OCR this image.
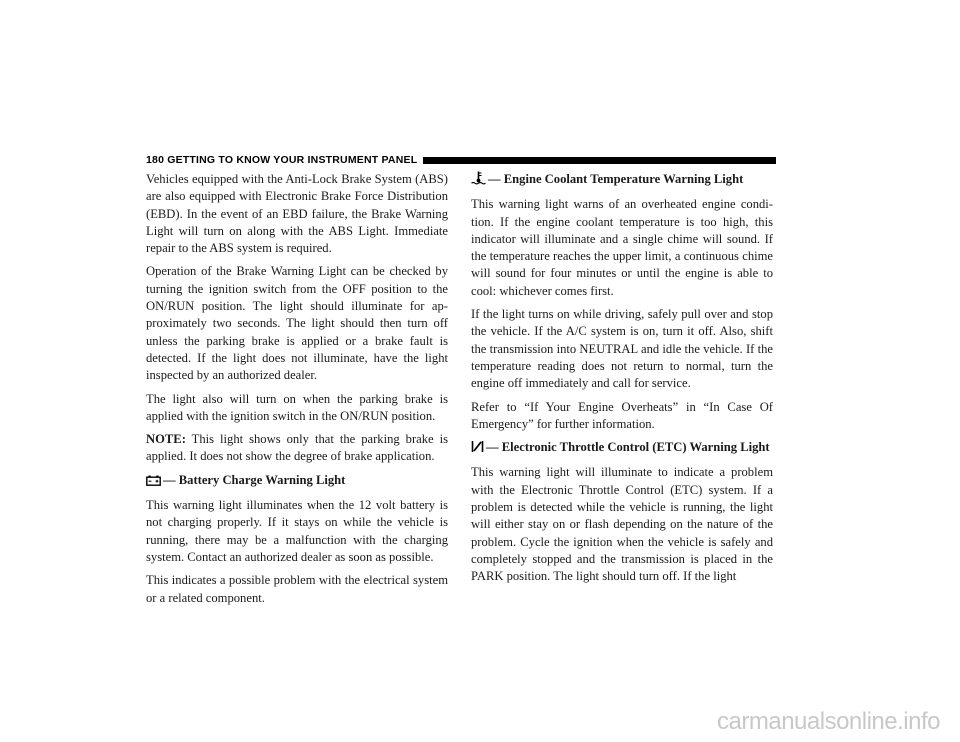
180 GETTING TO KNOW YOUR INSTRUMENT PANEL

Vehicles equipped with the Anti-Lock Brake System (ABS) are also equipped with Electronic Brake Force Distribution (EBD). In the event of an EBD failure, the Brake Warning Light will turn on along with the ABS Light. Immediate repair to the ABS system is required.

Operation of the Brake Warning Light can be checked by turning the ignition switch from the OFF position to the ON/RUN position. The light should illuminate for ap-proximately two seconds. The light should then turn off unless the parking brake is applied or a brake fault is detected. If the light does not illuminate, have the light inspected by an authorized dealer.

The light also will turn on when the parking brake is applied with the ignition switch in the ON/RUN position.

NOTE: This light shows only that the parking brake is applied. It does not show the degree of brake application.

— Battery Charge Warning Light

This warning light illuminates when the 12 volt battery is not charging properly. If it stays on while the vehicle is running, there may be a malfunction with the charging system. Contact an authorized dealer as soon as possible.

This indicates a possible problem with the electrical system or a related component.

— Engine Coolant Temperature Warning Light

This warning light warns of an overheated engine condi-tion. If the engine coolant temperature is too high, this indicator will illuminate and a single chime will sound. If the temperature reaches the upper limit, a continuous chime will sound for four minutes or until the engine is able to cool: whichever comes first.

If the light turns on while driving, safely pull over and stop the vehicle. If the A/C system is on, turn it off. Also, shift the transmission into NEUTRAL and idle the vehicle. If the temperature reading does not return to normal, turn the engine off immediately and call for service.

Refer to “If Your Engine Overheats” in “In Case Of Emergency” for further information.

— Electronic Throttle Control (ETC) Warning Light

This warning light will illuminate to indicate a problem with the Electronic Throttle Control (ETC) system. If a problem is detected while the vehicle is running, the light will either stay on or flash depending on the nature of the problem. Cycle the ignition when the vehicle is safely and completely stopped and the transmission is placed in the PARK position. The light should turn off. If the light

carmanualsonline.info
